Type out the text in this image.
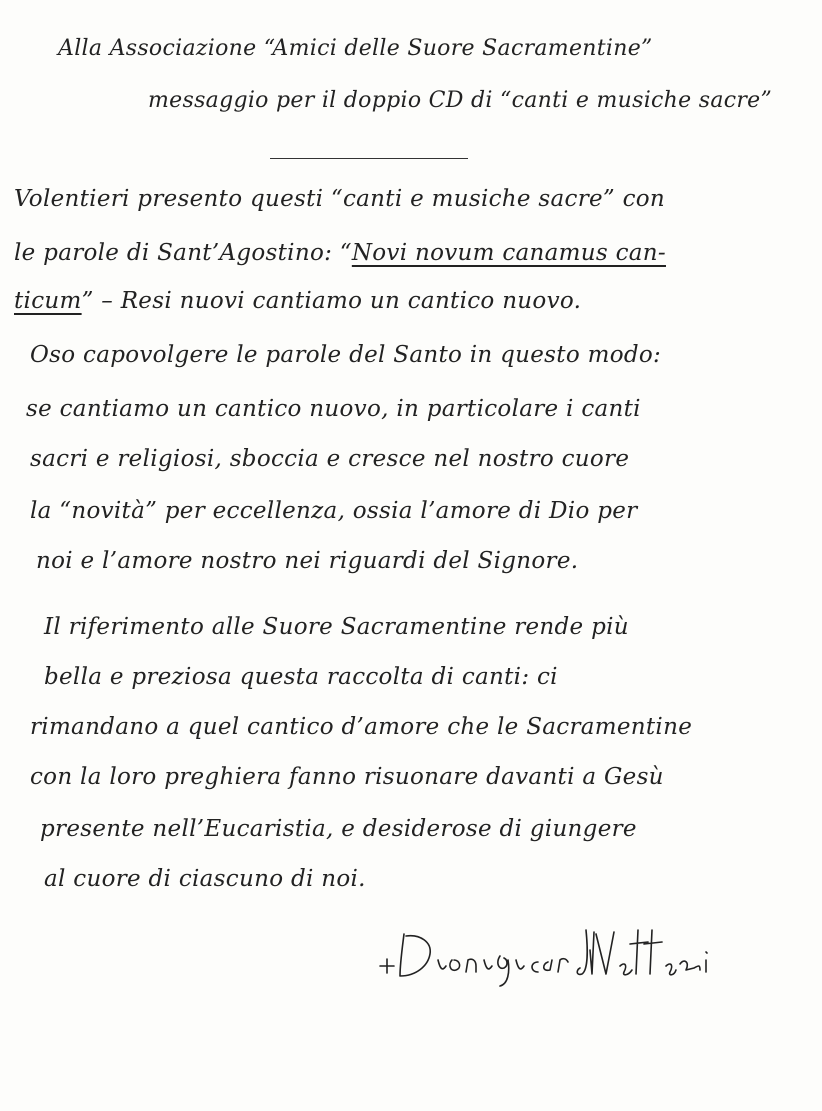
Alla Associazione “Amici delle Suore Sacramentine”
messaggio per il doppio CD di “canti e musiche sacre”
Volentieri presento questi “canti e musiche sacre” con
le parole di Sant’Agostino: “Novi novum canamus can-
ticum” – Resi nuovi cantiamo un cantico nuovo.
Oso capovolgere le parole del Santo in questo modo:
se cantiamo un cantico nuovo, in particolare i canti
sacri e religiosi, sboccia e cresce nel nostro cuore
la “novità” per eccellenza, ossia l’amore di Dio per
noi e l’amore nostro nei riguardi del Signore.
Il riferimento alle Suore Sacramentine rende più
bella e preziosa questa raccolta di canti: ci
rimandano a quel cantico d’amore che le Sacramentine
con la loro preghiera fanno risuonare davanti a Gesù
presente nell’Eucaristia, e desiderose di giungere
al cuore di ciascuno di noi.
